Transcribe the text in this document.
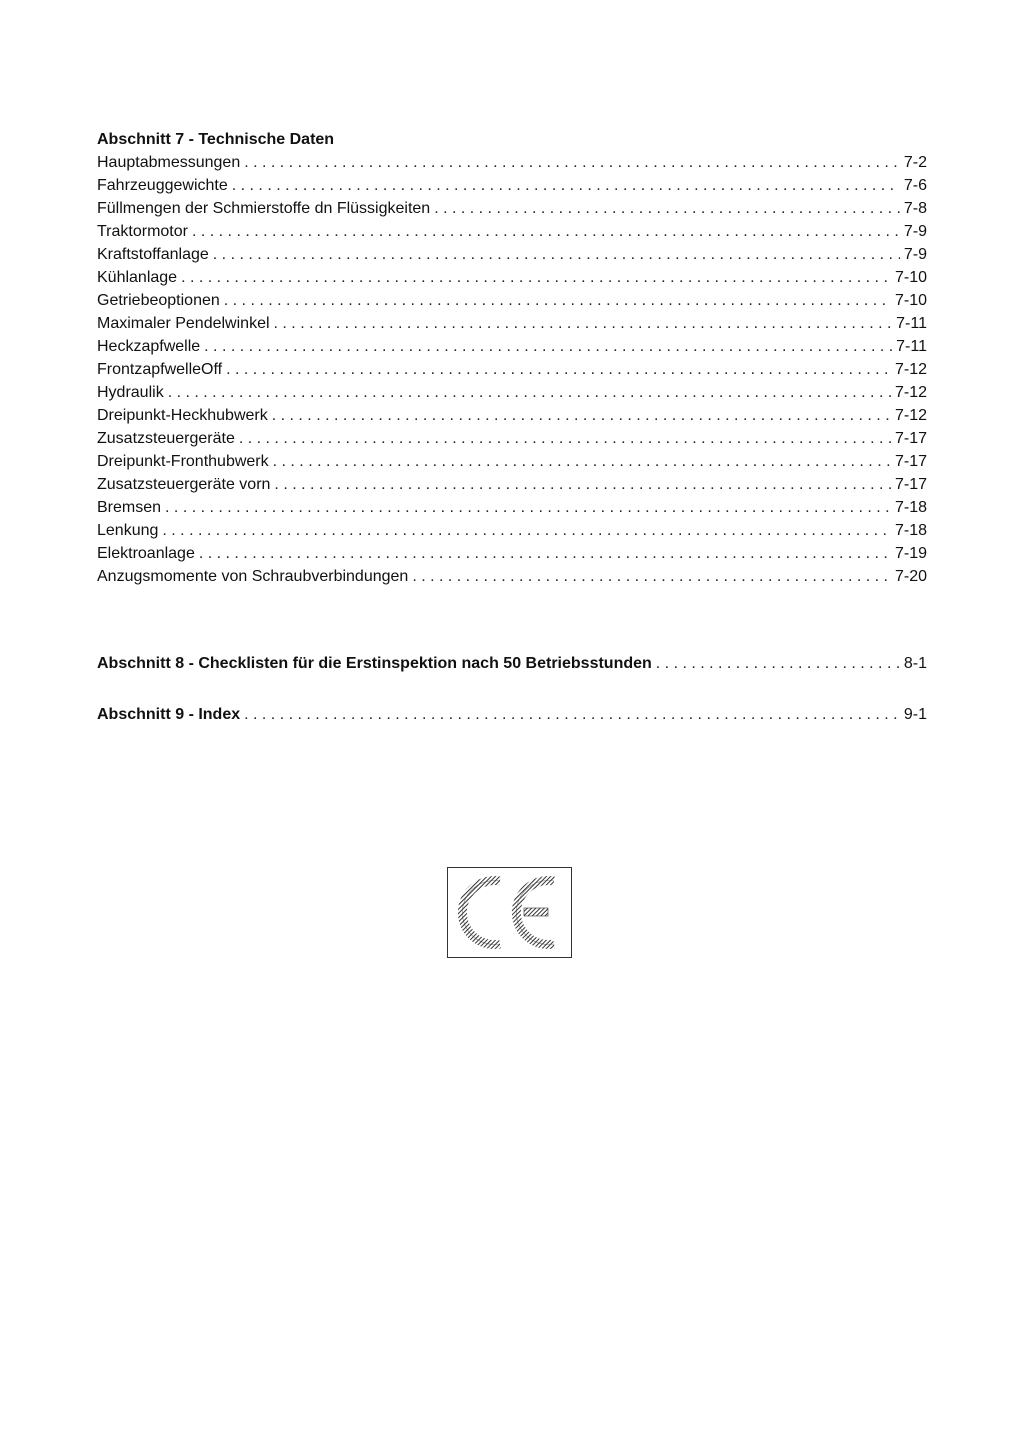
Abschnitt 7 - Technische Daten
Hauptabmessungen . . .	7-2
Fahrzeuggewichte . . .	7-6
Füllmengen der Schmierstoffe dn Flüssigkeiten . . .	7-8
Traktormotor . . .	7-9
Kraftstoffanlage . . .	7-9
Kühlanlage . . .	7-10
Getriebeoptionen . . .	7-10
Maximaler Pendelwinkel . . .	7-11
Heckzapfwelle . . .	7-11
FrontzapfwelleOff . . .	7-12
Hydraulik . . .	7-12
Dreipunkt-Heckhubwerk . . .	7-12
Zusatzsteuergeräte . . .	7-17
Dreipunkt-Fronthubwerk . . .	7-17
Zusatzsteuergeräte vorn . . .	7-17
Bremsen . . .	7-18
Lenkung . . .	7-18
Elektroanlage . . .	7-19
Anzugsmomente von Schraubverbindungen . . .	7-20
Abschnitt 8 - Checklisten für die Erstinspektion nach 50 Betriebsstunden . . .	8-1
Abschnitt 9 - Index . . .	9-1
